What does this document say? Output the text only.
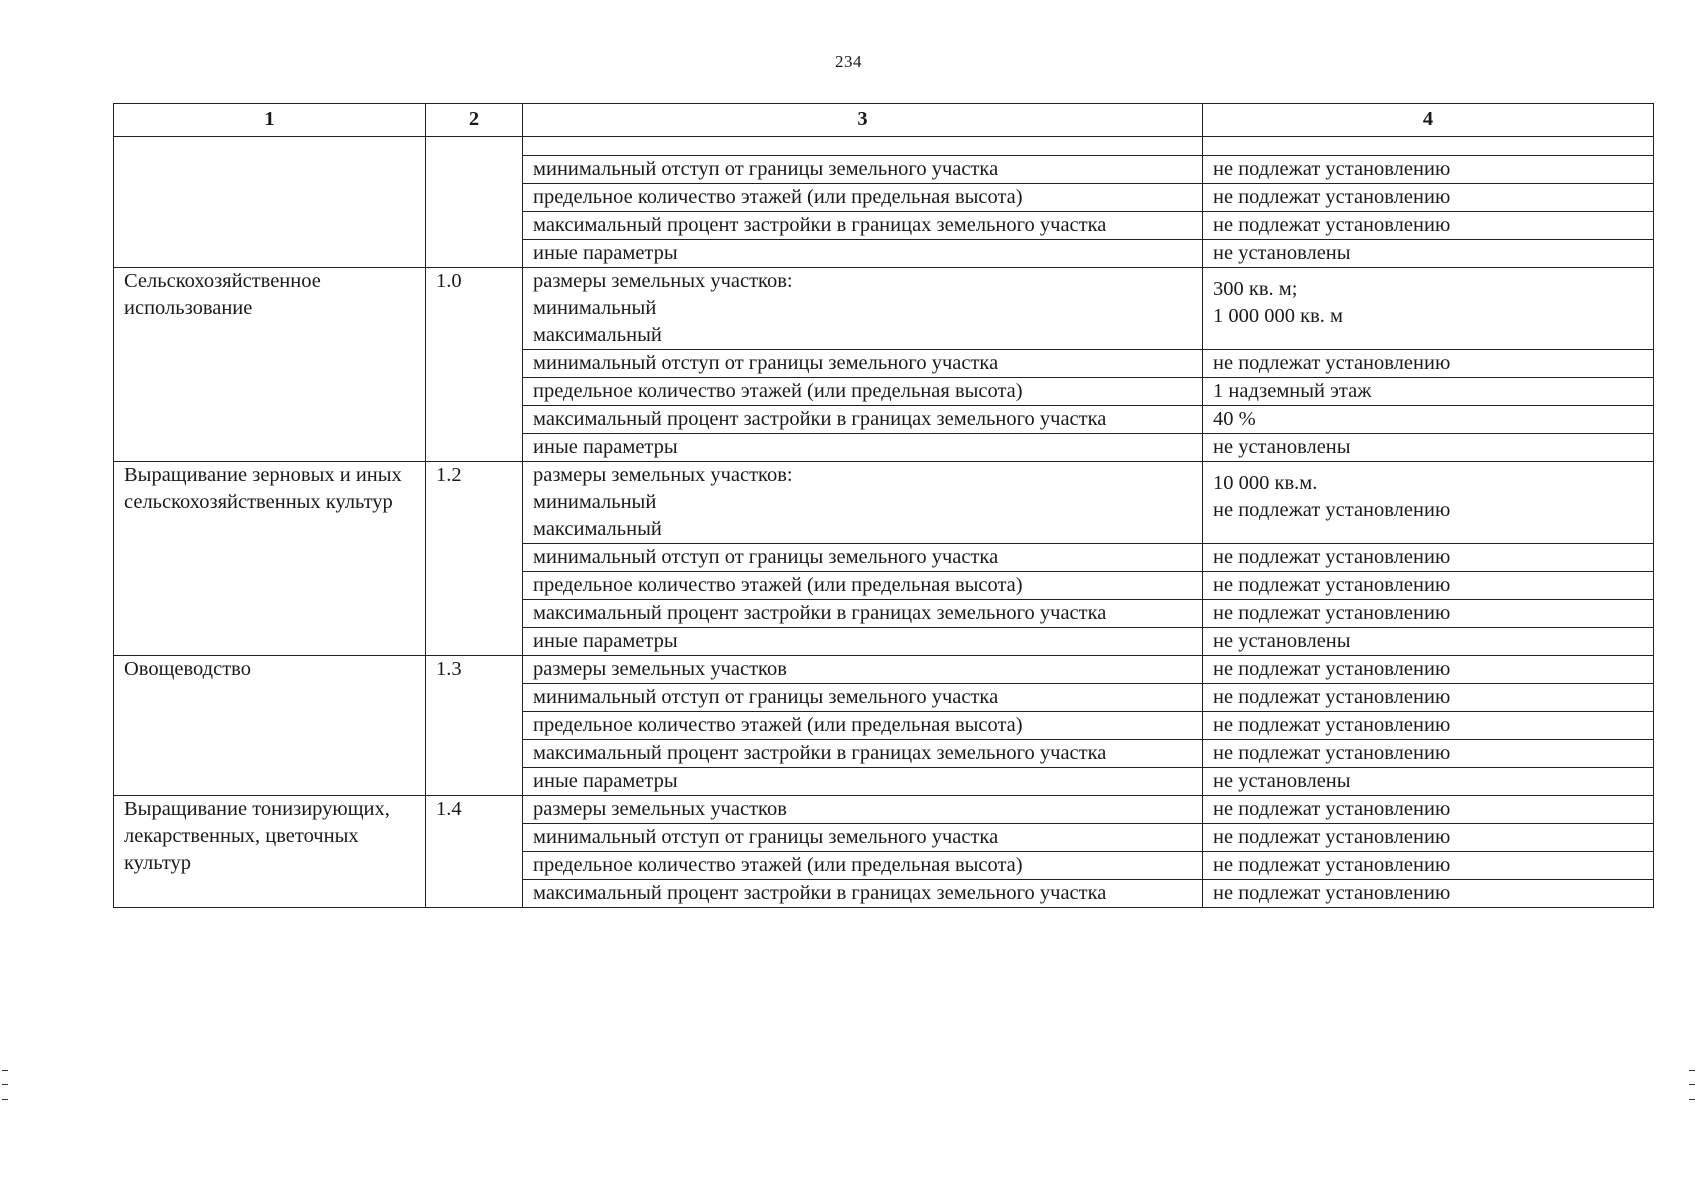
234
1	2	3	4

		минимальный отступ от границы земельного участка	не подлежат установлению
		предельное количество этажей (или предельная высота)	не подлежат установлению
		максимальный процент застройки в границах земельного участка	не подлежат установлению
		иные параметры	не установлены
Сельскохозяйственное использование	1.0	размеры земельных участков:
минимальный
максимальный	300 кв. м;
1 000 000 кв. м

		минимальный отступ от границы земельного участка	не подлежат установлению
		предельное количество этажей (или предельная высота)	1 надземный этаж
		максимальный процент застройки в границах земельного участка	40 %
		иные параметры	не установлены
Выращивание зерновых и иных сельскохозяйственных культур	1.2	размеры земельных участков:
минимальный
максимальный	10 000 кв.м.
не подлежат установлению

		минимальный отступ от границы земельного участка	не подлежат установлению
		предельное количество этажей (или предельная высота)	не подлежат установлению
		максимальный процент застройки в границах земельного участка	не подлежат установлению
		иные параметры	не установлены
Овощеводство	1.3	размеры земельных участков	не подлежат установлению
		минимальный отступ от границы земельного участка	не подлежат установлению
		предельное количество этажей (или предельная высота)	не подлежат установлению
		максимальный процент застройки в границах земельного участка	не подлежат установлению
		иные параметры	не установлены
Выращивание тонизирующих, лекарственных, цветочных культур	1.4	размеры земельных участков	не подлежат установлению
		минимальный отступ от границы земельного участка	не подлежат установлению
		предельное количество этажей (или предельная высота)	не подлежат установлению
		максимальный процент застройки в границах земельного участка	не подлежат установлению
